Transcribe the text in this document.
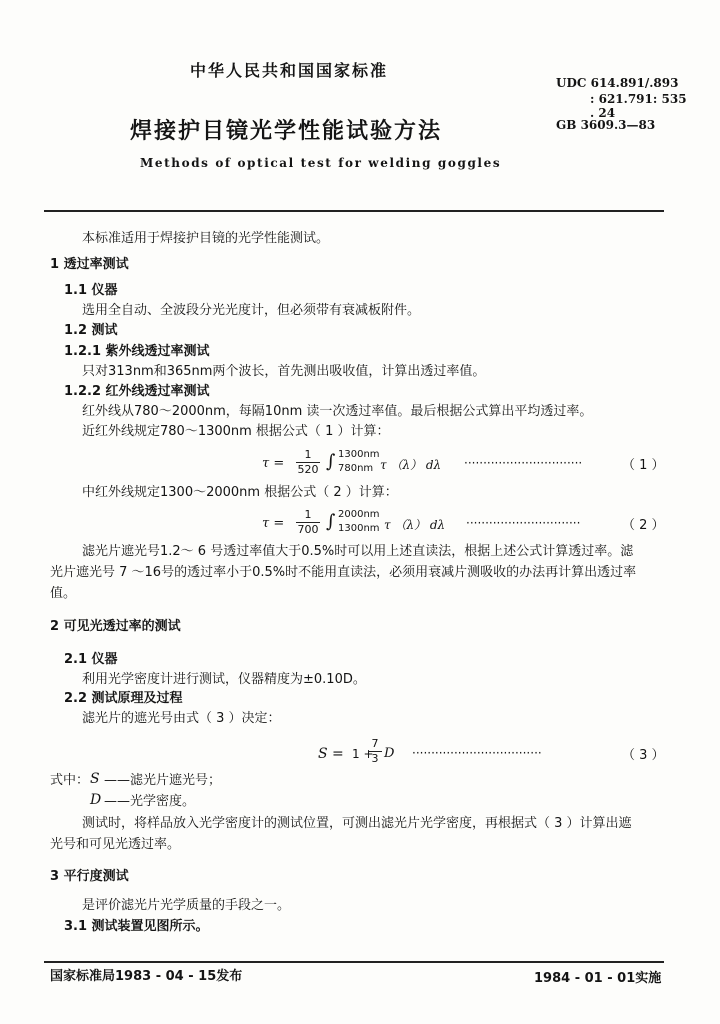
中华人民共和国国家标准
UDC 614.891/.893
: 621.791: 535
. 24
GB 3609.3—83
焊接护目镜光学性能试验方法
Methods of optical test for welding goggles
本标准适用于焊接护目镜的光学性能测试。
1 透过率测试
1.1 仪器
选用全自动、全波段分光光度计，但必须带有衰减板附件。
1.2 测试
1.2.1 紫外线透过率测试
只对313nm和365nm两个波长，首先测出吸收值，计算出透过率值。
1.2.2 红外线透过率测试
红外线从780～2000nm，每隔10nm 读一次透过率值。最后根据公式算出平均透过率。
近红外线规定780～1300nm 根据公式（ 1 ）计算：
τ =
1
520 ∫ 1300nm
780nm τ （λ） dλ ·······························	（ 1 ）
中红外线规定1300～2000nm 根据公式（ 2 ）计算：
τ =
1
700 ∫ 2000nm
1300nm τ （λ） dλ ······························	（ 2 ）
滤光片遮光号1.2～ 6 号透过率值大于0.5%时可以用上述直读法，根据上述公式计算透过率。滤
光片遮光号 7 ～16号的透过率小于0.5%时不能用直读法，必须用衰减片测吸收的办法再计算出透过率
值。
2 可见光透过率的测试
2.1 仪器
利用光学密度计进行测试，仪器精度为±0.10D。
2.2 测试原理及过程
滤光片的遮光号由式（ 3 ）决定：
S = 1 +
7
3 D ··································	（ 3 ）
式中： S ——滤光片遮光号；
D ——光学密度。
测试时，将样品放入光学密度计的测试位置，可测出滤光片光学密度，再根据式（ 3 ）计算出遮
光号和可见光透过率。
3 平行度测试
是评价滤光片光学质量的手段之一。
3.1 测试装置见图所示。
国家标准局1983 - 04 - 15发布	1984 - 01 - 01实施
